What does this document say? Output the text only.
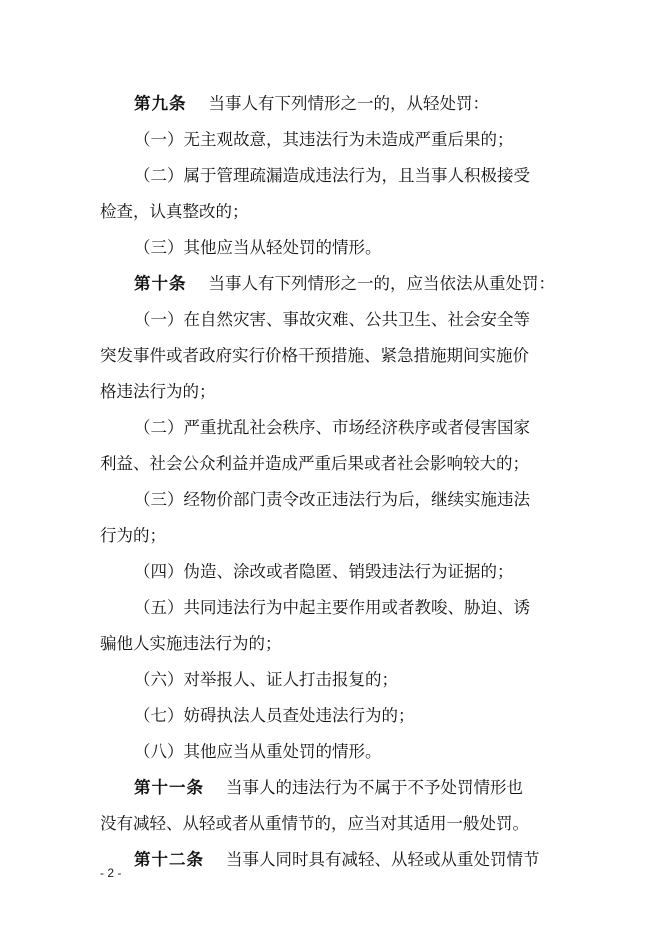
第九条 当事人有下列情形之一的，从轻处罚：
（一）无主观故意，其违法行为未造成严重后果的；
（二）属于管理疏漏造成违法行为，且当事人积极接受
检查，认真整改的；
（三）其他应当从轻处罚的情形。
第十条 当事人有下列情形之一的，应当依法从重处罚：
（一）在自然灾害、事故灾难、公共卫生、社会安全等
突发事件或者政府实行价格干预措施、紧急措施期间实施价
格违法行为的；
（二）严重扰乱社会秩序、市场经济秩序或者侵害国家
利益、社会公众利益并造成严重后果或者社会影响较大的；
（三）经物价部门责令改正违法行为后，继续实施违法
行为的；
（四）伪造、涂改或者隐匿、销毁违法行为证据的；
（五）共同违法行为中起主要作用或者教唆、胁迫、诱
骗他人实施违法行为的；
（六）对举报人、证人打击报复的；
（七）妨碍执法人员查处违法行为的；
（八）其他应当从重处罚的情形。
第十一条 当事人的违法行为不属于不予处罚情形也
没有减轻、从轻或者从重情节的，应当对其适用一般处罚。
第十二条 当事人同时具有减轻、从轻或从重处罚情节
- 2 -
